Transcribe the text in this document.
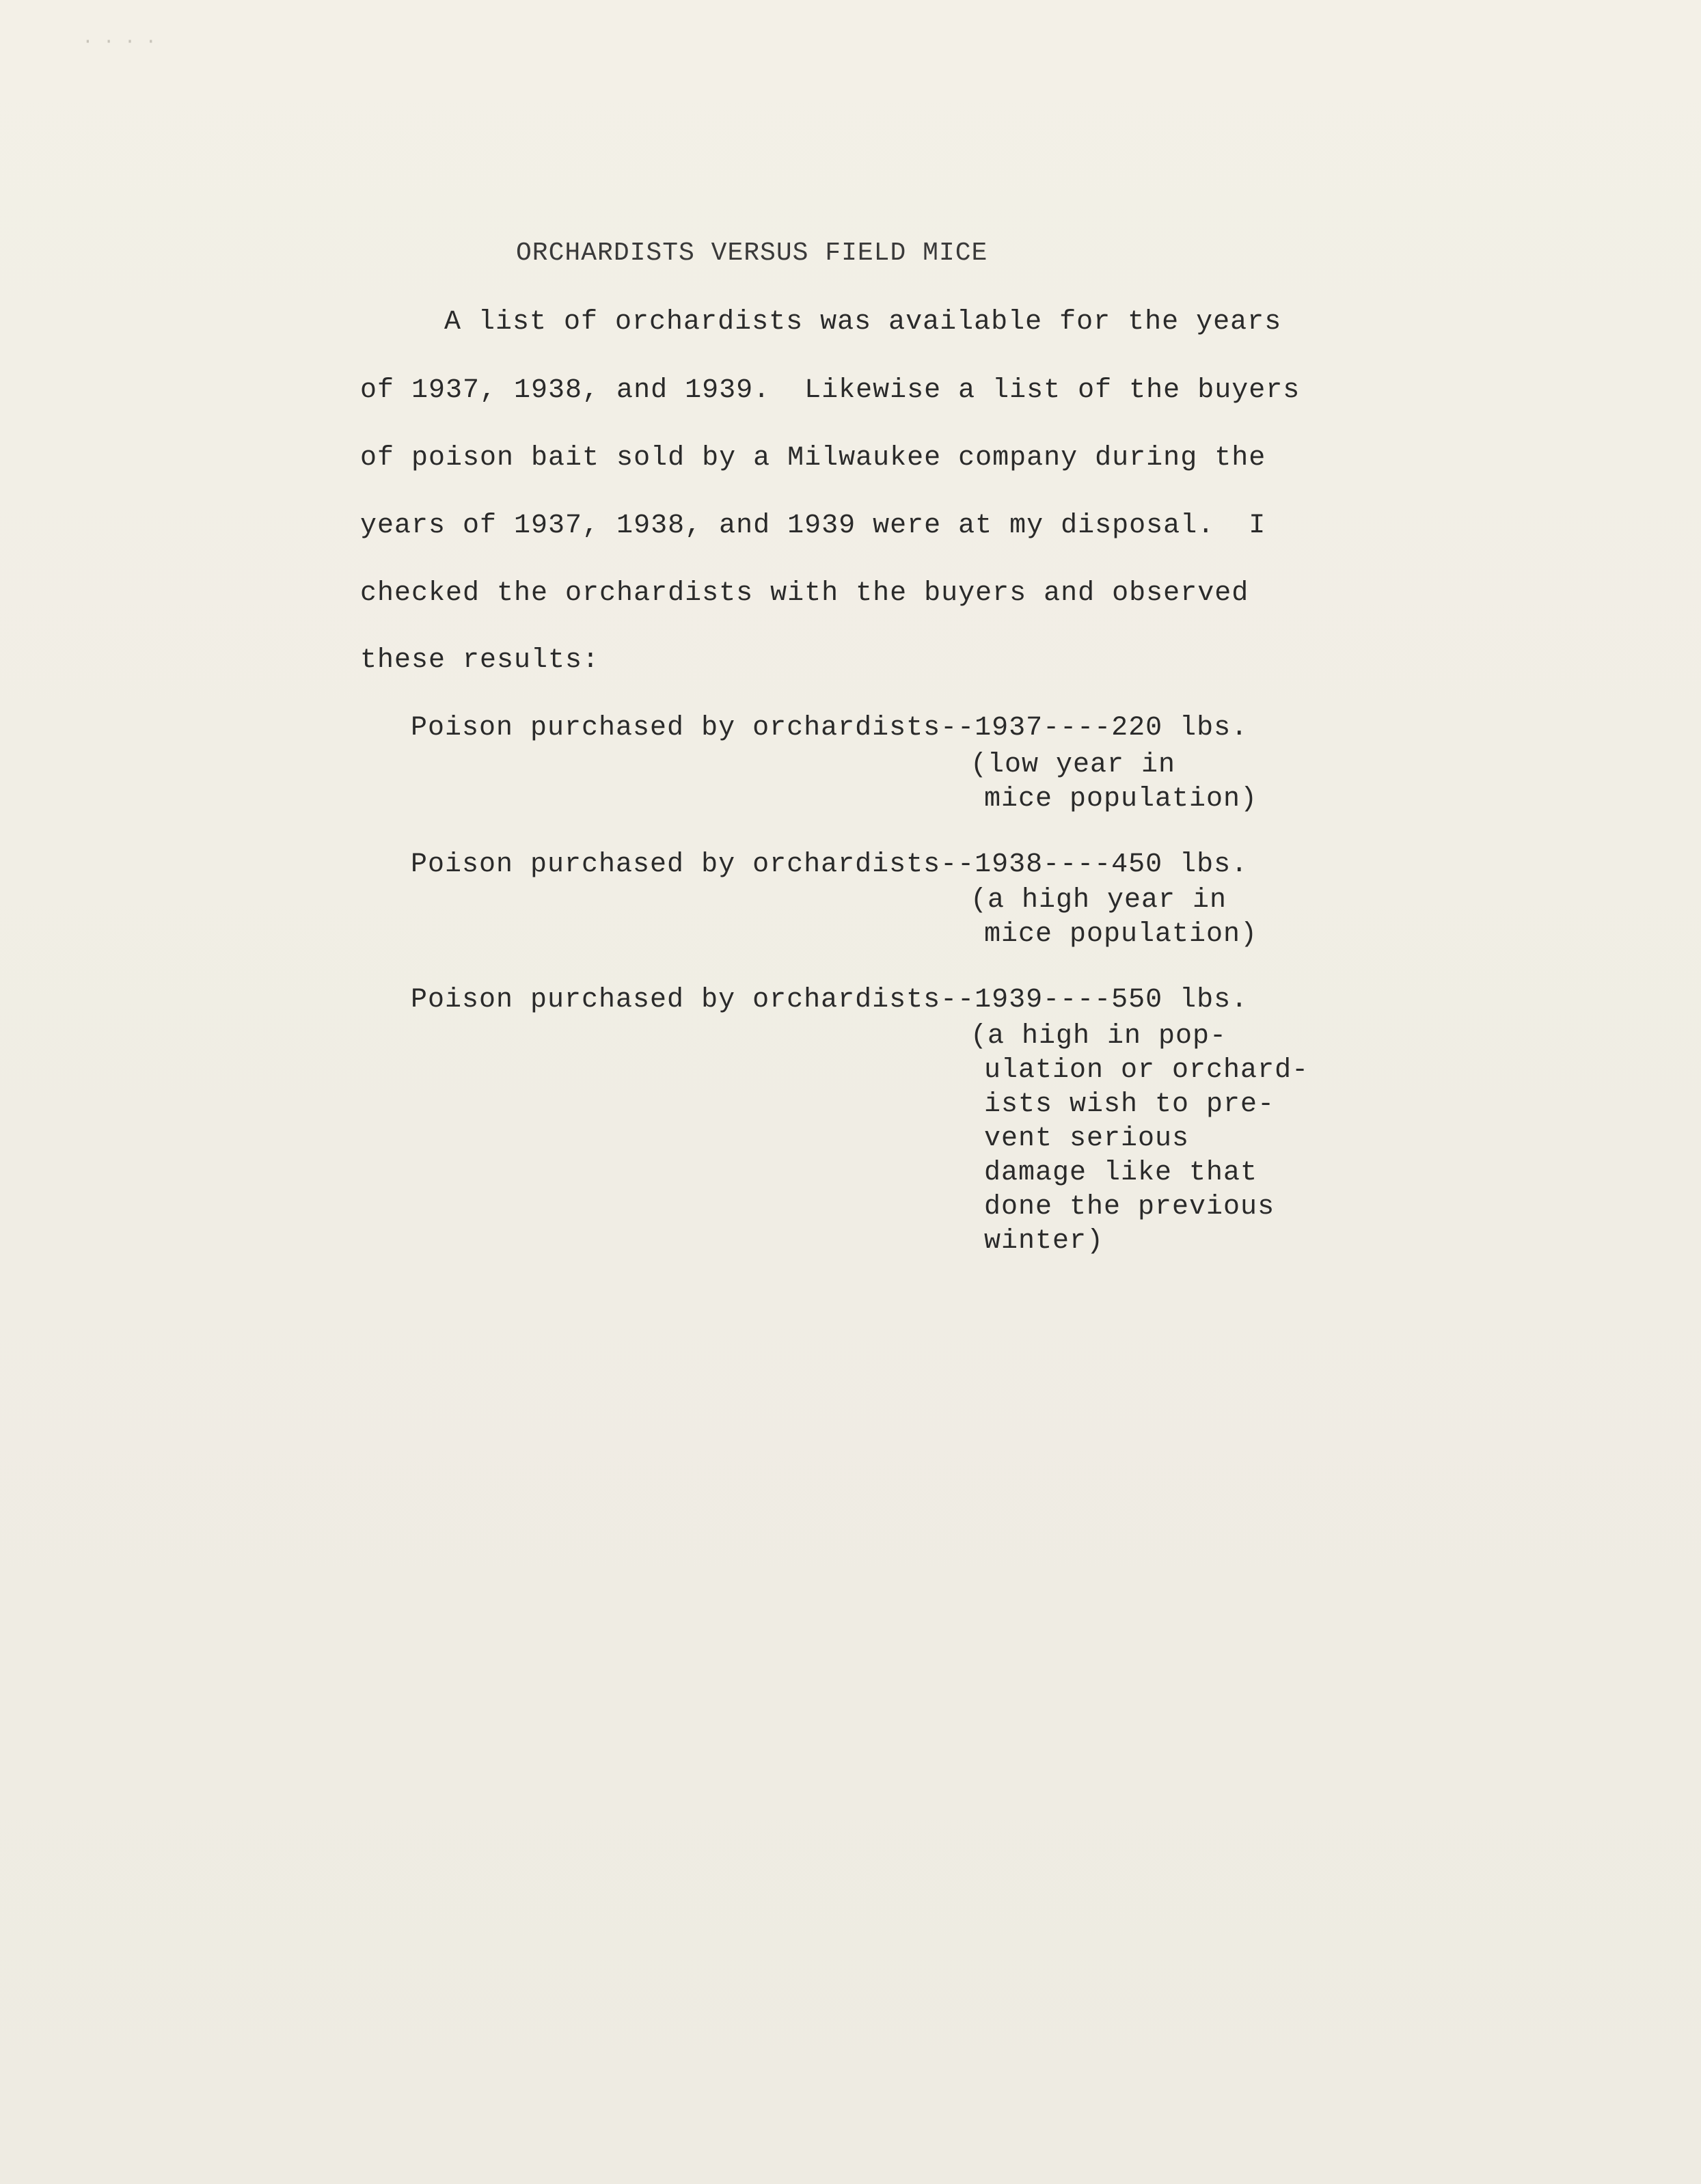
····
ORCHARDISTS VERSUS FIELD MICE
A list of orchardists was available for the years
of 1937, 1938, and 1939.  Likewise a list of the buyers
of poison bait sold by a Milwaukee company during the
years of 1937, 1938, and 1939 were at my disposal.  I
checked the orchardists with the buyers and observed
these results:
Poison purchased by orchardists--1937----220 lbs.
(low year in
mice population)
Poison purchased by orchardists--1938----450 lbs.
(a high year in
mice population)
Poison purchased by orchardists--1939----550 lbs.
(a high in pop-
ulation or orchard-
ists wish to pre-
vent serious
damage like that
done the previous
winter)
